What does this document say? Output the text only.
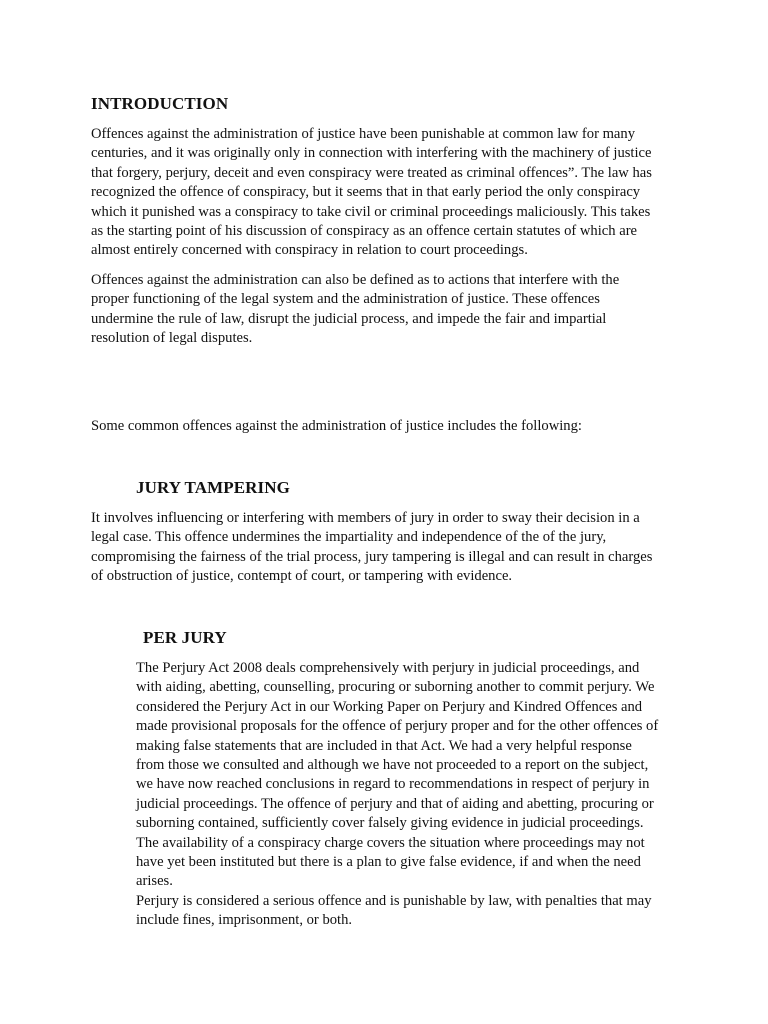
INTRODUCTION
Offences against the administration of justice have been punishable at common law for many
centuries, and it was originally only in connection with interfering with the machinery of justice
that forgery, perjury, deceit and even conspiracy were treated as criminal offences”. The law has
recognized the offence of conspiracy, but it seems that in that early period the only conspiracy
which it punished was a conspiracy to take civil or criminal proceedings maliciously. This takes
as the starting point of his discussion of conspiracy as an offence certain statutes of which are
almost entirely concerned with conspiracy in relation to court proceedings.
Offences against the administration can also be defined as to actions that interfere with the
proper functioning of the legal system and the administration of justice. These offences
undermine the rule of law, disrupt the judicial process, and impede the fair and impartial
resolution of legal disputes.
Some common offences against the administration of justice includes the following:
JURY TAMPERING
It involves influencing or interfering with members of jury in order to sway their decision in a
legal case. This offence undermines the impartiality and independence of the of the jury,
compromising the fairness of the trial process, jury tampering is illegal and can result in charges
of obstruction of justice, contempt of court, or tampering with evidence.
PER JURY
The Perjury Act 2008 deals comprehensively with perjury in judicial proceedings, and
with aiding, abetting, counselling, procuring or suborning another to commit perjury. We
considered the Perjury Act in our Working Paper on Perjury and Kindred Offences and
made provisional proposals for the offence of perjury proper and for the other offences of
making false statements that are included in that Act. We had a very helpful response
from those we consulted and although we have not proceeded to a report on the subject,
we have now reached conclusions in regard to recommendations in respect of perjury in
judicial proceedings. The offence of perjury and that of aiding and abetting, procuring or
suborning contained, sufficiently cover falsely giving evidence in judicial proceedings.
The availability of a conspiracy charge covers the situation where proceedings may not
have yet been instituted but there is a plan to give false evidence, if and when the need
arises.
Perjury is considered a serious offence and is punishable by law, with penalties that may
include fines, imprisonment, or both.
